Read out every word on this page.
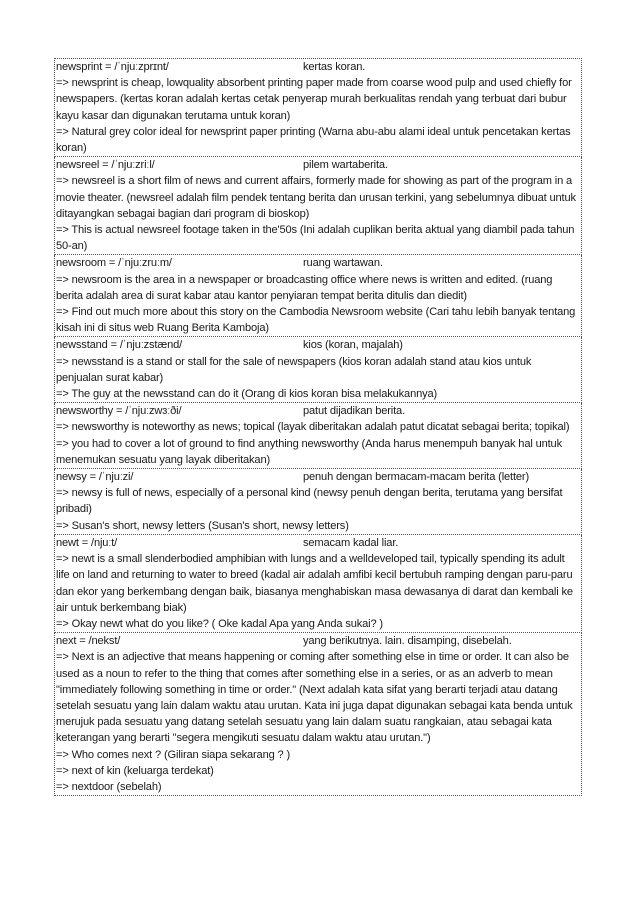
newsprint = /ˈnjuːzprɪnt/	kertas koran.
=> newsprint is cheap, lowquality absorbent printing paper made from coarse wood pulp and used chiefly for newspapers. (kertas koran adalah kertas cetak penyerap murah berkualitas rendah yang terbuat dari bubur kayu kasar dan digunakan terutama untuk koran)
=> Natural grey color ideal for newsprint paper printing (Warna abu-abu alami ideal untuk pencetakan kertas koran)

newsreel = /ˈnjuːzriːl/	pilem wartaberita.
=> newsreel is a short film of news and current affairs, formerly made for showing as part of the program in a movie theater. (newsreel adalah film pendek tentang berita dan urusan terkini, yang sebelumnya dibuat untuk ditayangkan sebagai bagian dari program di bioskop)
=> This is actual newsreel footage taken in the'50s (Ini adalah cuplikan berita aktual yang diambil pada tahun 50-an)

newsroom = /ˈnjuːzruːm/	ruang wartawan.
=> newsroom is the area in a newspaper or broadcasting office where news is written and edited. (ruang berita adalah area di surat kabar atau kantor penyiaran tempat berita ditulis dan diedit)
=> Find out much more about this story on the Cambodia Newsroom website (Cari tahu lebih banyak tentang kisah ini di situs web Ruang Berita Kamboja)

newsstand = /ˈnjuːzstænd/	kios (koran, majalah)
=> newsstand is a stand or stall for the sale of newspapers (kios koran adalah stand atau kios untuk penjualan surat kabar)
=> The guy at the newsstand can do it (Orang di kios koran bisa melakukannya)

newsworthy = /ˈnjuːzwɜːði/	patut dijadikan berita.
=> newsworthy is noteworthy as news; topical (layak diberitakan adalah patut dicatat sebagai berita; topikal)
=> you had to cover a lot of ground to find anything newsworthy (Anda harus menempuh banyak hal untuk menemukan sesuatu yang layak diberitakan)

newsy = /ˈnjuːzi/	penuh dengan bermacam-macam berita (letter)
=> newsy is full of news, especially of a personal kind (newsy penuh dengan berita, terutama yang bersifat pribadi)
=> Susan's short, newsy letters (Susan's short, newsy letters)

newt = /njuːt/	semacam kadal liar.
=> newt is a small slenderbodied amphibian with lungs and a welldeveloped tail, typically spending its adult life on land and returning to water to breed (kadal air adalah amfibi kecil bertubuh ramping dengan paru-paru dan ekor yang berkembang dengan baik, biasanya menghabiskan masa dewasanya di darat dan kembali ke air untuk berkembang biak)
=> Okay newt what do you like? ( Oke kadal Apa yang Anda sukai? )

next = /nekst/	yang berikutnya. lain. disamping, disebelah.
=> Next is an adjective that means happening or coming after something else in time or order. It can also be used as a noun to refer to the thing that comes after something else in a series, or as an adverb to mean "immediately following something in time or order." (Next adalah kata sifat yang berarti terjadi atau datang setelah sesuatu yang lain dalam waktu atau urutan. Kata ini juga dapat digunakan sebagai kata benda untuk merujuk pada sesuatu yang datang setelah sesuatu yang lain dalam suatu rangkaian, atau sebagai kata keterangan yang berarti "segera mengikuti sesuatu dalam waktu atau urutan.")
=> Who comes next ? (Giliran siapa sekarang ? )
=> next of kin (keluarga terdekat)
=> nextdoor (sebelah)
